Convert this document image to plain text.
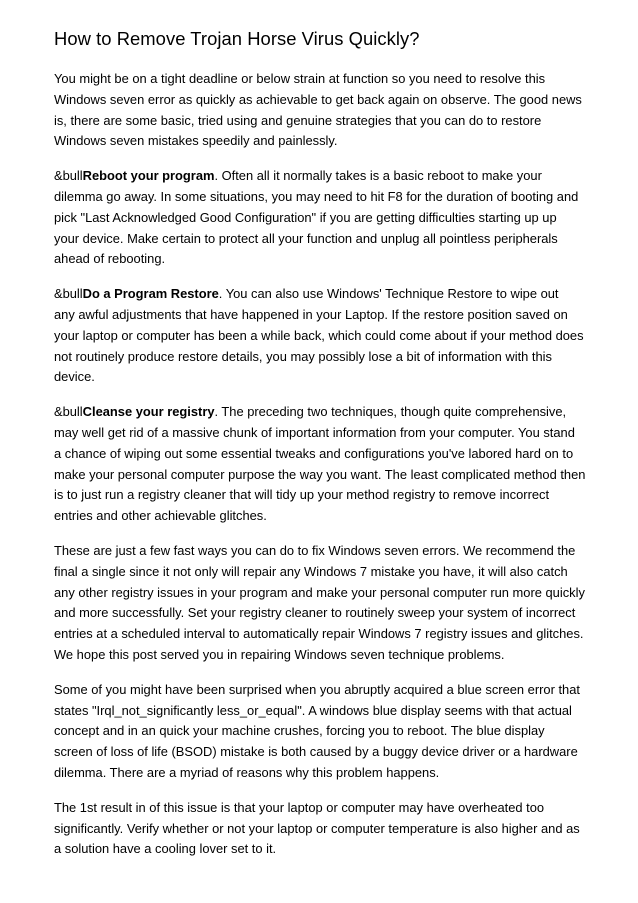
How to Remove Trojan Horse Virus Quickly?

You might be on a tight deadline or below strain at function so you need to resolve this
Windows seven error as quickly as achievable to get back again on observe. The good news
is, there are some basic, tried using and genuine strategies that you can do to restore
Windows seven mistakes speedily and painlessly.

&bullReboot your program. Often all it normally takes is a basic reboot to make your
dilemma go away. In some situations, you may need to hit F8 for the duration of booting and
pick "Last Acknowledged Good Configuration" if you are getting difficulties starting up up
your device. Make certain to protect all your function and unplug all pointless peripherals
ahead of rebooting.

&bullDo a Program Restore. You can also use Windows' Technique Restore to wipe out
any awful adjustments that have happened in your Laptop. If the restore position saved on
your laptop or computer has been a while back, which could come about if your method does
not routinely produce restore details, you may possibly lose a bit of information with this
device.

&bullCleanse your registry. The preceding two techniques, though quite comprehensive,
may well get rid of a massive chunk of important information from your computer. You stand
a chance of wiping out some essential tweaks and configurations you've labored hard on to
make your personal computer purpose the way you want. The least complicated method then
is to just run a registry cleaner that will tidy up your method registry to remove incorrect
entries and other achievable glitches.

These are just a few fast ways you can do to fix Windows seven errors. We recommend the
final a single since it not only will repair any Windows 7 mistake you have, it will also catch
any other registry issues in your program and make your personal computer run more quickly
and more successfully. Set your registry cleaner to routinely sweep your system of incorrect
entries at a scheduled interval to automatically repair Windows 7 registry issues and glitches.
We hope this post served you in repairing Windows seven technique problems.

Some of you might have been surprised when you abruptly acquired a blue screen error that
states "Irql_not_significantly less_or_equal". A windows blue display seems with that actual
concept and in an quick your machine crushes, forcing you to reboot. The blue display
screen of loss of life (BSOD) mistake is both caused by a buggy device driver or a hardware
dilemma. There are a myriad of reasons why this problem happens.

The 1st result in of this issue is that your laptop or computer may have overheated too
significantly. Verify whether or not your laptop or computer temperature is also higher and as
a solution have a cooling lover set to it.
